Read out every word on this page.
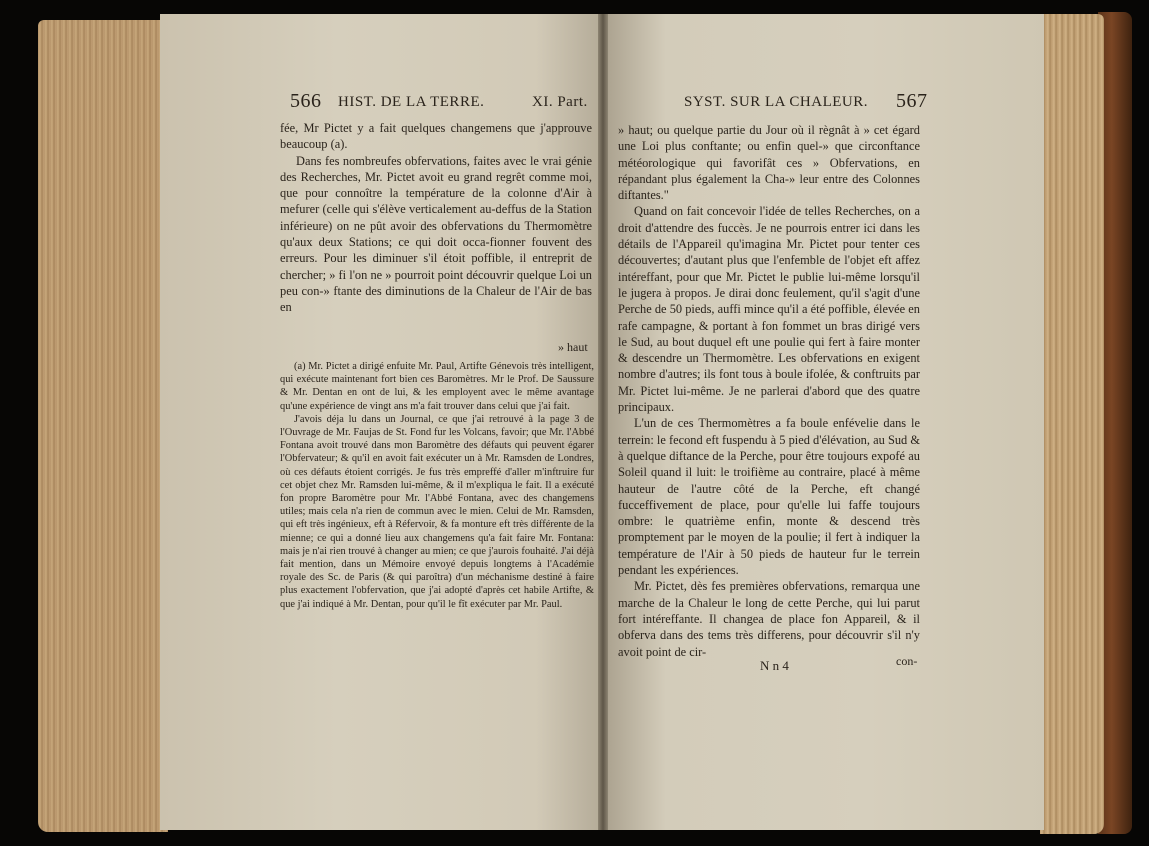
566 HIST. DE LA TERRE.	XI. Part.

fée, Mr Pictet y a fait quelques changemens que j'approuve beaucoup (a).

Dans fes nombreufes obfervations, faites avec le vrai génie des Recherches, Mr. Pictet avoit eu grand regrêt comme moi, que pour connoître la température de la colonne d'Air à mefurer (celle qui s'élève verticalement au-deffus de la Station inférieure) on ne pût avoir des obfervations du Thermomètre qu'aux deux Stations; ce qui doit occa-fionner fouvent des erreurs. Pour les diminuer s'il étoit poffible, il entreprit de chercher; » fi l'on ne » pourroit point découvrir quelque Loi un peu con-» ftante des diminutions de la Chaleur de l'Air de bas en

» haut

(a) Mr. Pictet a dirigé enfuite Mr. Paul, Artifte Génevois très intelligent, qui exécute maintenant fort bien ces Baromètres. Mr le Prof. De Saussure & Mr. Dentan en ont de lui, & les employent avec le même avantage qu'une expérience de vingt ans m'a fait trouver dans celui que j'ai fait.

J'avois déja lu dans un Journal, ce que j'ai retrouvé à la page 3 de l'Ouvrage de Mr. Faujas de St. Fond fur les Volcans, favoir; que Mr. l'Abbé Fontana avoit trouvé dans mon Baromètre des défauts qui peuvent égarer l'Obfervateur; & qu'il en avoit fait exécuter un à Mr. Ramsden de Londres, où ces défauts étoient corrigés. Je fus très empreffé d'aller m'inftruire fur cet objet chez Mr. Ramsden lui-même, & il m'expliqua le fait. Il a exécuté fon propre Baromètre pour Mr. l'Abbé Fontana, avec des changemens utiles; mais cela n'a rien de commun avec le mien. Celui de Mr. Ramsden, qui eft très ingénieux, eft à Réfervoir, & fa monture eft très différente de la mienne; ce qui a donné lieu aux changemens qu'a fait faire Mr. Fontana: mais je n'ai rien trouvé à changer au mien; ce que j'aurois fouhaité. J'ai déjà fait mention, dans un Mémoire envoyé depuis longtems à l'Académie royale des Sc. de Paris (& qui paroîtra) d'un méchanisme destiné à faire plus exactement l'obfervation, que j'ai adopté d'après cet habile Artifte, & que j'ai indiqué à Mr. Dentan, pour qu'il le fît exécuter par Mr. Paul.

SYST. SUR LA CHALEUR. 567

» haut; ou quelque partie du Jour où il règnât à » cet égard une Loi plus conftante; ou enfin quel-» que circonftance météorologique qui favorifât ces » Obfervations, en répandant plus également la Cha-» leur entre des Colonnes diftantes."

Quand on fait concevoir l'idée de telles Recherches, on a droit d'attendre des fuccès. Je ne pourrois entrer ici dans les détails de l'Appareil qu'imagina Mr. Pictet pour tenter ces découvertes; d'autant plus que l'enfemble de l'objet eft affez intéreffant, pour que Mr. Pictet le publie lui-même lorsqu'il le jugera à propos. Je dirai donc feulement, qu'il s'agit d'une Perche de 50 pieds, auffi mince qu'il a été poffible, élevée en rafe campagne, & portant à fon fommet un bras dirigé vers le Sud, au bout duquel eft une poulie qui fert à faire monter & descendre un Thermomètre. Les obfervations en exigent nombre d'autres; ils font tous à boule ifolée, & conftruits par Mr. Pictet lui-même. Je ne parlerai d'abord que des quatre principaux.

L'un de ces Thermomètres a fa boule enfévelie dans le terrein: le fecond eft fuspendu à 5 pied d'élévation, au Sud & à quelque diftance de la Perche, pour être toujours expofé au Soleil quand il luit: le troifième au contraire, placé à même hauteur de l'autre côté de la Perche, eft changé fucceffivement de place, pour qu'elle lui faffe toujours ombre: le quatrième enfin, monte & descend très promptement par le moyen de la poulie; il fert à indiquer la température de l'Air à 50 pieds de hauteur fur le terrein pendant les expériences.

Mr. Pictet, dès fes premières obfervations, remarqua une marche de la Chaleur le long de cette Perche, qui lui parut fort intéreffante. Il changea de place fon Appareil, & il obferva dans des tems très differens, pour découvrir s'il n'y avoit point de cir-

N n 4	con-
